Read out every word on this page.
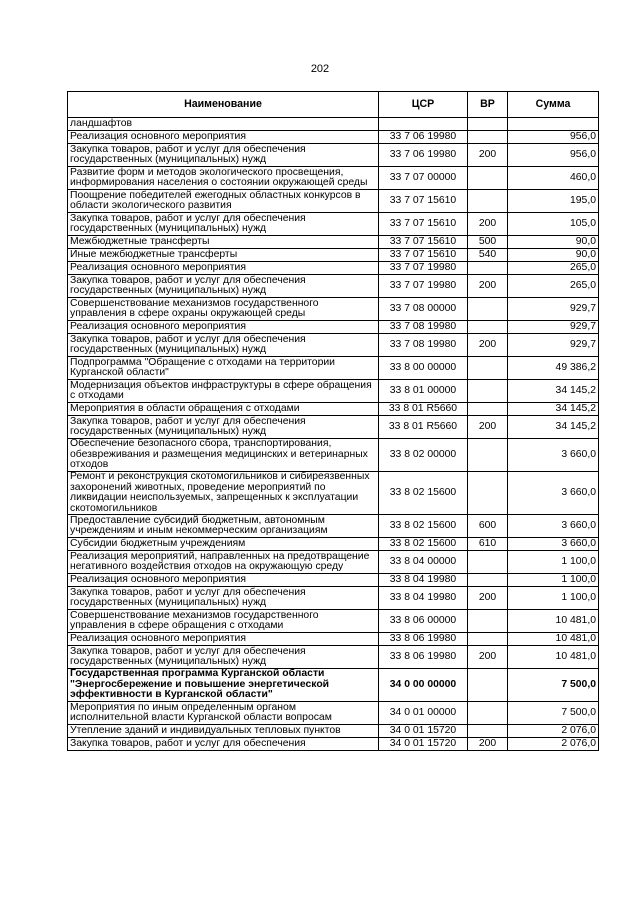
202
Наименование	ЦСР	ВР	Сумма
ландшафтов			
Реализация основного мероприятия	33 7 06 19980		956,0
Закупка товаров, работ и услуг для обеспечения государственных (муниципальных) нужд	33 7 06 19980	200	956,0
Развитие форм и методов экологического просвещения, информирования населения о состоянии окружающей среды	33 7 07 00000		460,0
Поощрение победителей ежегодных областных конкурсов в области экологического развития	33 7 07 15610		195,0
Закупка товаров, работ и услуг для обеспечения государственных (муниципальных) нужд	33 7 07 15610	200	105,0
Межбюджетные трансферты	33 7 07 15610	500	90,0
Иные межбюджетные трансферты	33 7 07 15610	540	90,0
Реализация основного мероприятия	33 7 07 19980		265,0
Закупка товаров, работ и услуг для обеспечения государственных (муниципальных) нужд	33 7 07 19980	200	265,0
Совершенствование механизмов государственного управления в сфере охраны окружающей среды	33 7 08 00000		929,7
Реализация основного мероприятия	33 7 08 19980		929,7
Закупка товаров, работ и услуг для обеспечения государственных (муниципальных) нужд	33 7 08 19980	200	929,7
Подпрограмма "Обращение с отходами на территории Курганской области"	33 8 00 00000		49 386,2
Модернизация объектов инфраструктуры в сфере обращения с отходами	33 8 01 00000		34 145,2
Мероприятия в области обращения с отходами	33 8 01 R5660		34 145,2
Закупка товаров, работ и услуг для обеспечения государственных (муниципальных) нужд	33 8 01 R5660	200	34 145,2
Обеспечение безопасного сбора, транспортирования, обезвреживания и размещения медицинских и ветеринарных отходов	33 8 02 00000		3 660,0
Ремонт и реконструкция скотомогильников и сибиреязвенных захоронений животных, проведение мероприятий по ликвидации неиспользуемых, запрещенных к эксплуатации скотомогильников	33 8 02 15600		3 660,0
Предоставление субсидий бюджетным, автономным учреждениям и иным некоммерческим организациям	33 8 02 15600	600	3 660,0
Субсидии бюджетным учреждениям	33 8 02 15600	610	3 660,0
Реализация мероприятий, направленных на предотвращение негативного воздействия отходов на окружающую среду	33 8 04 00000		1 100,0
Реализация основного мероприятия	33 8 04 19980		1 100,0
Закупка товаров, работ и услуг для обеспечения государственных (муниципальных) нужд	33 8 04 19980	200	1 100,0
Совершенствование механизмов государственного управления в сфере обращения с отходами	33 8 06 00000		10 481,0
Реализация основного мероприятия	33 8 06 19980		10 481,0
Закупка товаров, работ и услуг для обеспечения государственных (муниципальных) нужд	33 8 06 19980	200	10 481,0
Государственная программа Курганской области "Энергосбережение и повышение энергетической эффективности в Курганской области"	34 0 00 00000		7 500,0
Мероприятия по иным определенным органом исполнительной власти Курганской области вопросам	34 0 01 00000		7 500,0
Утепление зданий и индивидуальных тепловых пунктов	34 0 01 15720		2 076,0
Закупка товаров, работ и услуг для обеспечения	34 0 01 15720	200	2 076,0
